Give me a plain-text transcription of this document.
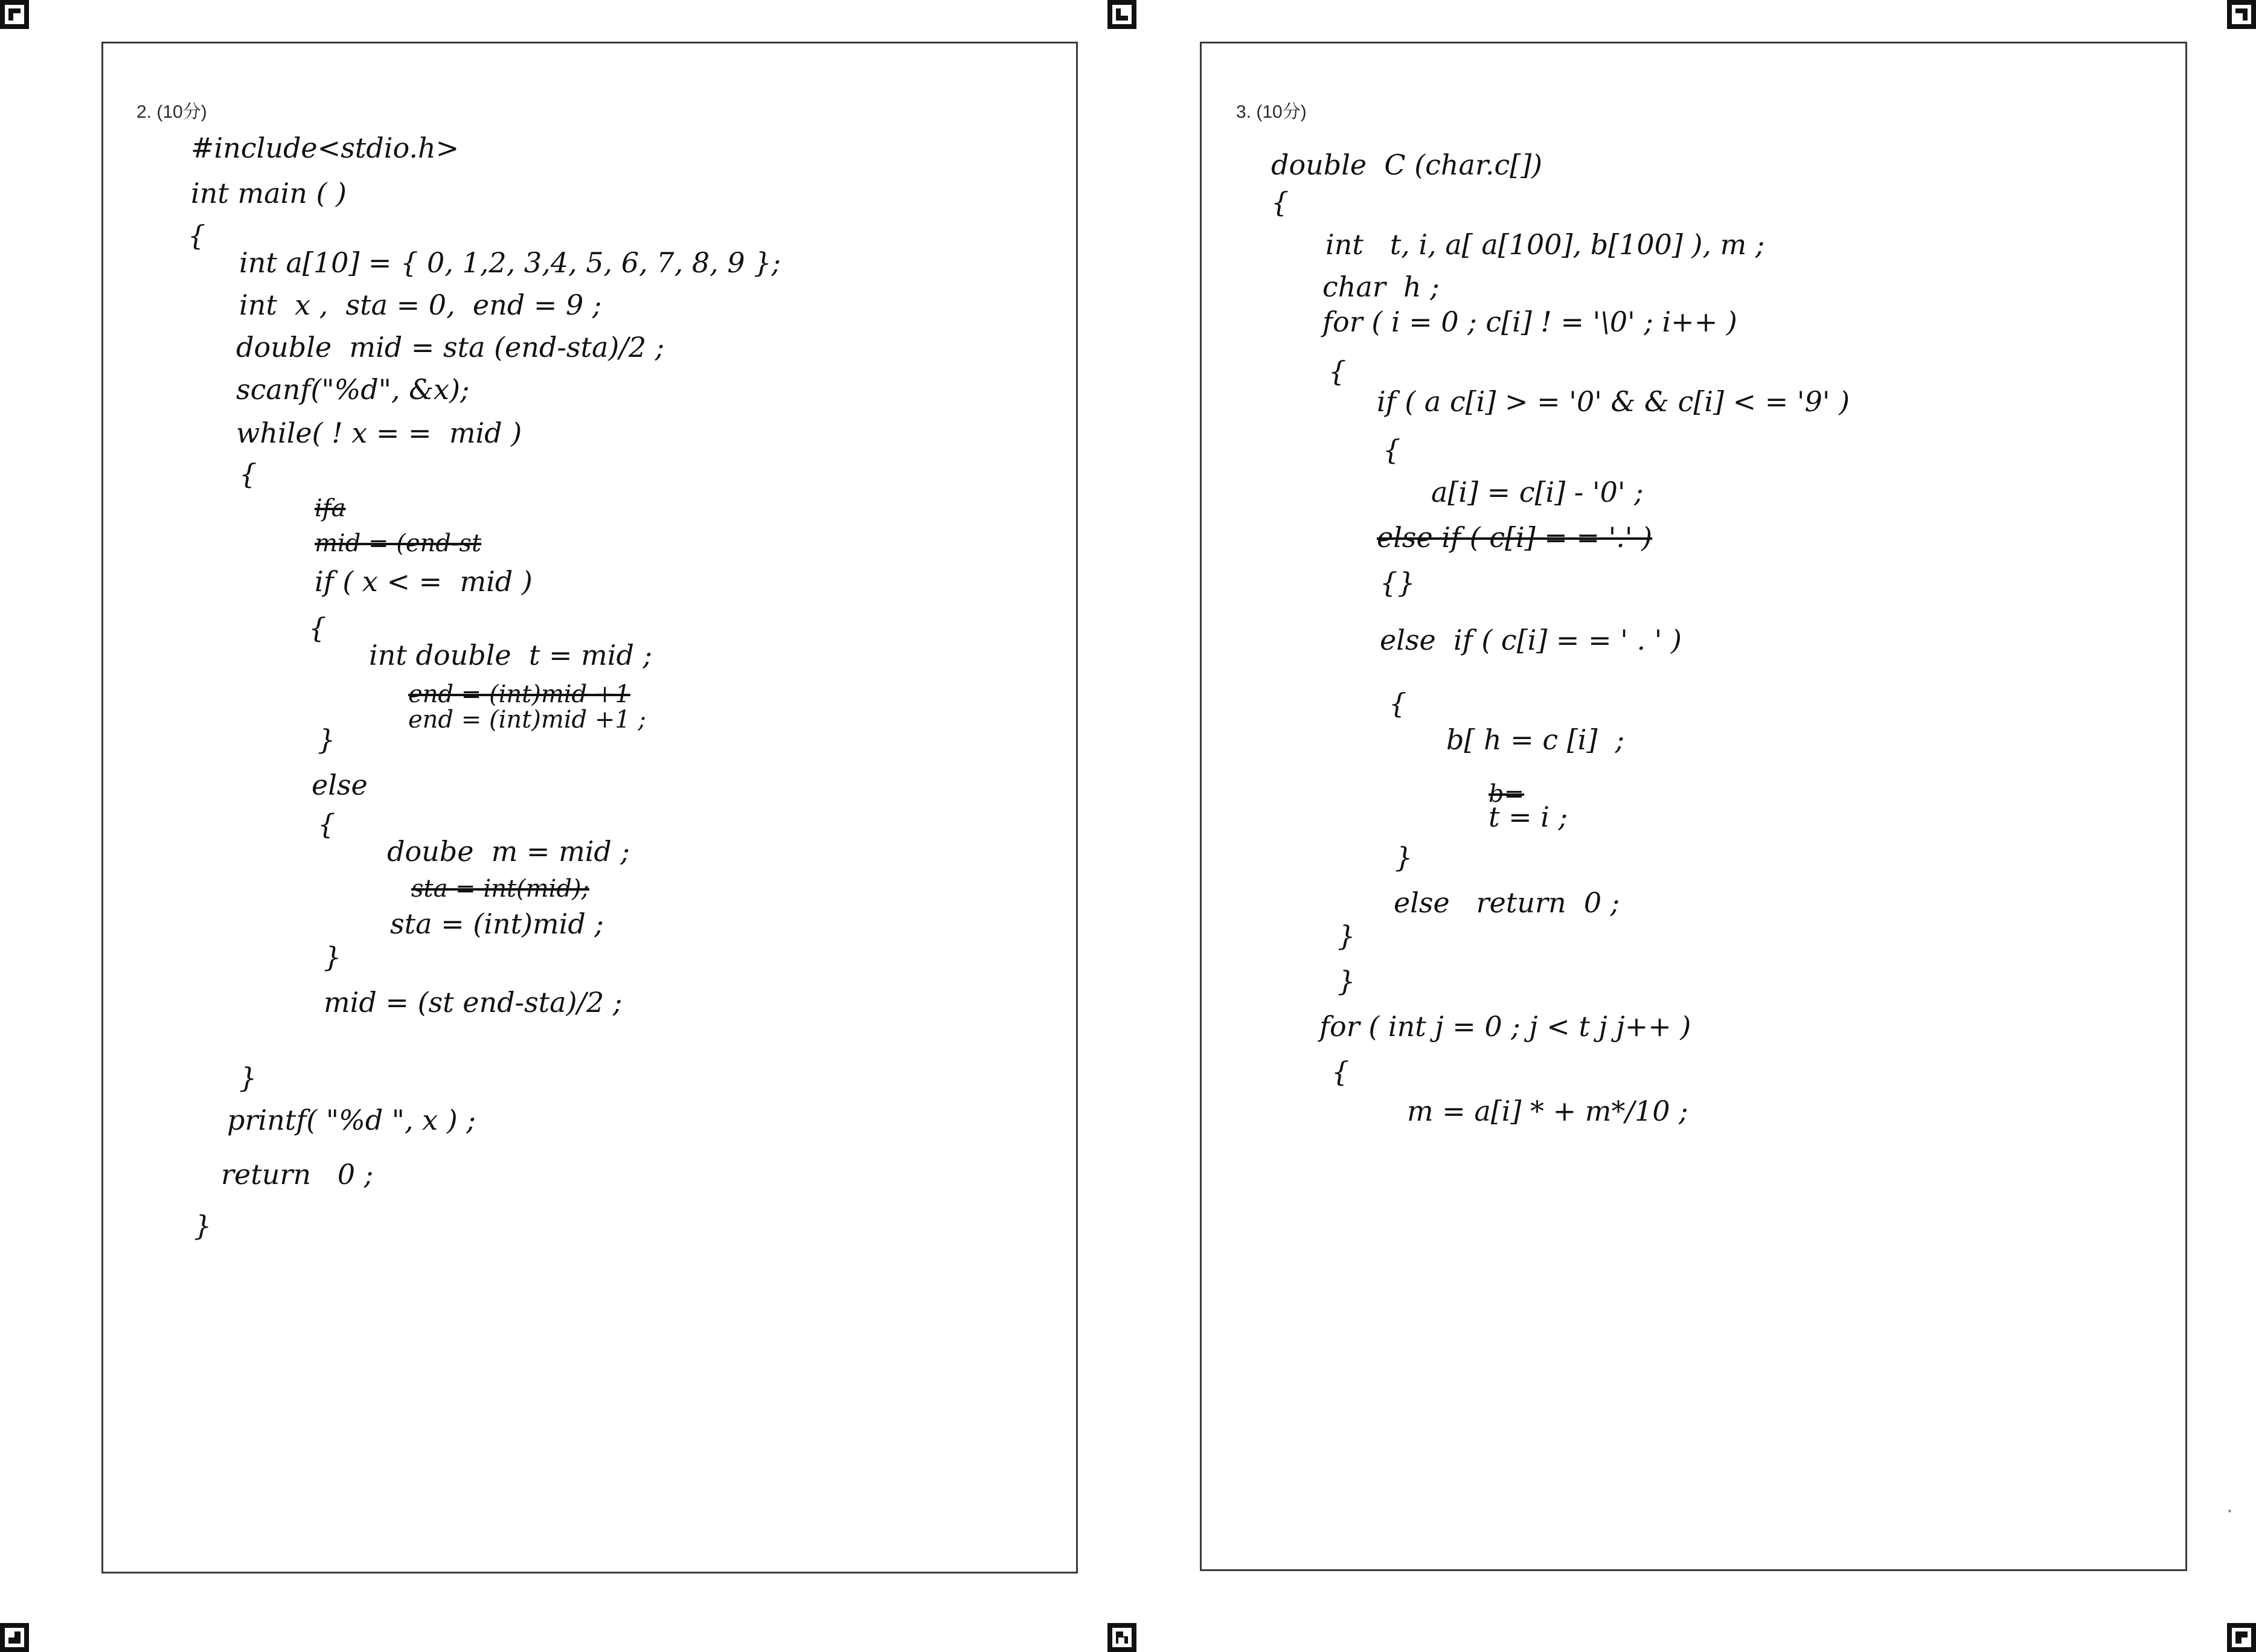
2. (10分)
#include<stdio.h>
int main ( )
{
int a[10] = { 0, 1,2, 3,4, 5, 6, 7, 8, 9 };
int  x ,  sta = 0,  end = 9 ;
double  mid = sta (end-sta)/2 ;
scanf("%d", &x);
while( ! x = =  mid )
{
ifa
mid = (end-st
if ( x < =  mid )
{
int double  t = mid ;
end = (int)mid +1
end = (int)mid +1 ;
}
else
{
doube  m = mid ;
sta = int(mid);
sta = (int)mid ;
}
mid = (st end-sta)/2 ;
}
printf( "%d ", x ) ;
return   0 ;
}
3. (10分)
double  C (char.c[])
{
int   t, i, a[ a[100], b[100] ), m ;
char  h ;
for ( i = 0 ; c[i] ! = '\0' ; i++ )
{
if ( a c[i] > = '0' & & c[i] < = '9' )
{
a[i] = c[i] - '0' ;
else if ( c[i] = = '.' )
{}
else  if ( c[i] = = ' . ' )
{
b[ h = c [i]  ;
b=
t = i ;
}
else   return  0 ;
}
}
for ( int j = 0 ; j < t j j++ )
{
m = a[i] * + m*/10 ;
